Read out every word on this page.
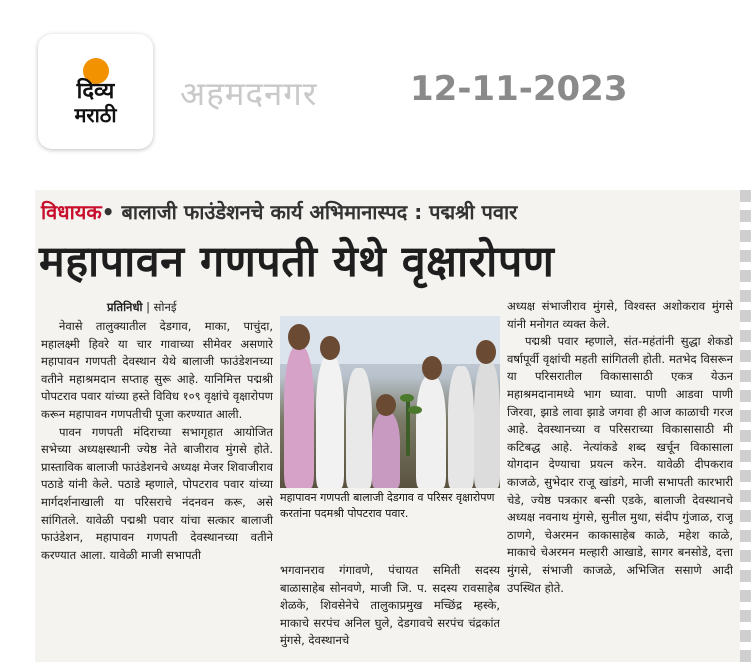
दिव्य
मराठी
अहमदनगर	12-11-2023
विधायक• बालाजी फाउंडेशनचे कार्य अभिमानास्पद : पद्मश्री पवार
महापावन गणपती येथे वृक्षारोपण
प्रतिनिधी | सोनई

नेवासे तालुक्यातील देडगाव, माका, पाचुंदा, महालक्ष्मी हिवरे या चार गावाच्या सीमेवर असणारे महापावन गणपती देवस्थान येथे बालाजी फाउंडेशनच्या वतीने महाश्रमदान सप्ताह सुरू आहे. यानिमित्त पद्मश्री पोपटराव पवार यांच्या हस्ते विविध १०९ वृक्षांचे वृक्षारोपण करून महापावन गणपतीची पूजा करण्यात आली.

पावन गणपती मंदिराच्या सभागृहात आयोजित सभेच्या अध्यक्षस्थानी ज्येष्ठ नेते बाजीराव मुंगसे होते. प्रास्ताविक बालाजी फाउंडेशनचे अध्यक्ष मेजर शिवाजीराव पठाडे यांनी केले. पठाडे म्हणाले, पोपटराव पवार यांच्या मार्गदर्शनाखाली या परिसराचे नंदनवन करू, असे सांगितले. यावेळी पद्मश्री पवार यांचा सत्कार बालाजी फाउंडेशन, महापावन गणपती देवस्थानच्या वतीने करण्यात आला. यावेळी माजी सभापती

महापावन गणपती बालाजी देडगाव व परिसर वृक्षारोपण करतांना पदमश्री पोपटराव पवार.

भगवानराव गंगावणे, पंचायत समिती सदस्य बाळासाहेब सोनवणे, माजी जि. प. सदस्य रावसाहेब शेळके, शिवसेनेचे तालुकाप्रमुख मच्छिंद्र म्हस्के, माकाचे सरपंच अनिल घुले, देडगावचे सरपंच चंद्रकांत मुंगसे, देवस्थानचे

अध्यक्ष संभाजीराव मुंगसे, विश्वस्त अशोकराव मुंगसे यांनी मनोगत व्यक्त केले.

पद्मश्री पवार म्हणाले, संत-महंतांनी सुद्धा शेकडो वर्षापूर्वी वृक्षांची महती सांगितली होती. मतभेद विसरून या परिसरातील विकासासाठी एकत्र येऊन महाश्रमदानामध्ये भाग घ्यावा. पाणी आडवा पाणी जिरवा, झाडे लावा झाडे जगवा ही आज काळाची गरज आहे. देवस्थानच्या व परिसराच्या विकासासाठी मी कटिबद्ध आहे. नेत्यांकडे शब्द खर्चून विकासाला योगदान देण्याचा प्रयत्न करेन. यावेळी दीपकराव काजळे, सुभेदार राजू खांडगे, माजी सभापती कारभारी चेडे, ज्येष्ठ पत्रकार बन्सी एडके, बालाजी देवस्थानचे अध्यक्ष नवनाथ मुंगसे, सुनील मुथा, संदीप गुंजाळ, राजू ठाणगे, चेअरमन काकासाहेब काळे, महेश काळे, माकाचे चेअरमन मल्हारी आखाडे, सागर बनसोडे, दत्ता मुंगसे, संभाजी काजळे, अभिजित ससाणे आदी उपस्थित होते.
